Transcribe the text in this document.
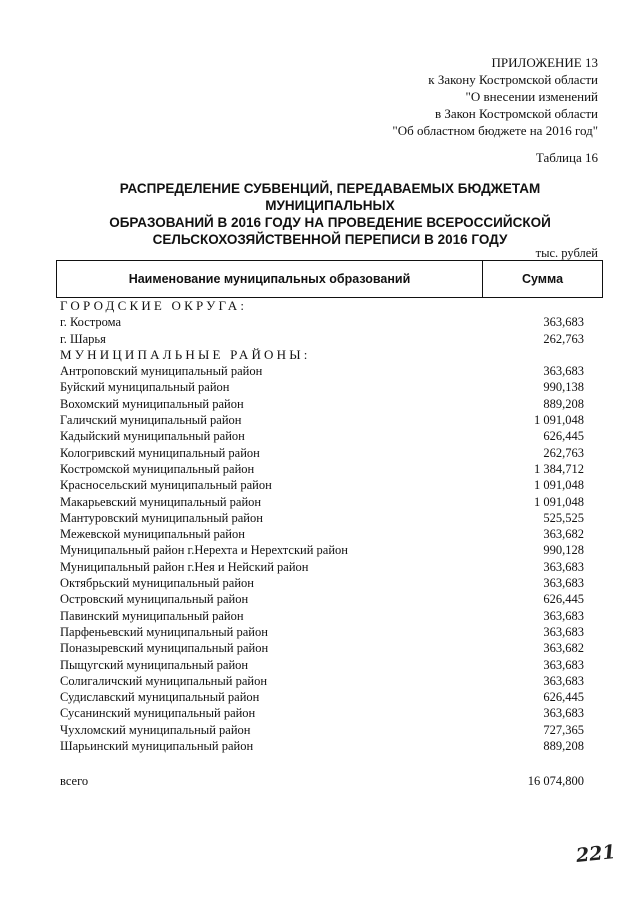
ПРИЛОЖЕНИЕ 13
к Закону Костромской области
"О внесении изменений
в Закон Костромской области
"Об областном бюджете на 2016 год"
Таблица 16
РАСПРЕДЕЛЕНИЕ СУБВЕНЦИЙ, ПЕРЕДАВАЕМЫХ БЮДЖЕТАМ МУНИЦИПАЛЬНЫХ
ОБРАЗОВАНИЙ В 2016 ГОДУ НА ПРОВЕДЕНИЕ ВСЕРОССИЙСКОЙ
СЕЛЬСКОХОЗЯЙСТВЕННОЙ ПЕРЕПИСИ В 2016 ГОДУ
тыс. рублей
Наименование муниципальных образований	Сумма
ГОРОДСКИЕ ОКРУГА:
г. Кострома	363,683
г. Шарья	262,763
МУНИЦИПАЛЬНЫЕ РАЙОНЫ:
Антроповский муниципальный район	363,683
Буйский муниципальный район	990,138
Вохомский муниципальный район	889,208
Галичский муниципальный район	1 091,048
Кадыйский муниципальный район	626,445
Кологривский муниципальный район	262,763
Костромской муниципальный район	1 384,712
Красносельский муниципальный район	1 091,048
Макарьевский муниципальный район	1 091,048
Мантуровский муниципальный район	525,525
Межевской муниципальный район	363,682
Муниципальный район г.Нерехта и Нерехтский район	990,128
Муниципальный район г.Нея и Нейский район	363,683
Октябрьский муниципальный район	363,683
Островский муниципальный район	626,445
Павинский муниципальный район	363,683
Парфеньевский муниципальный район	363,683
Поназыревский муниципальный район	363,682
Пыщугский муниципальный район	363,683
Солигаличский муниципальный район	363,683
Судиславский муниципальный район	626,445
Сусанинский муниципальный район	363,683
Чухломский муниципальный район	727,365
Шарьинский муниципальный район	889,208
всего	16 074,800
221
